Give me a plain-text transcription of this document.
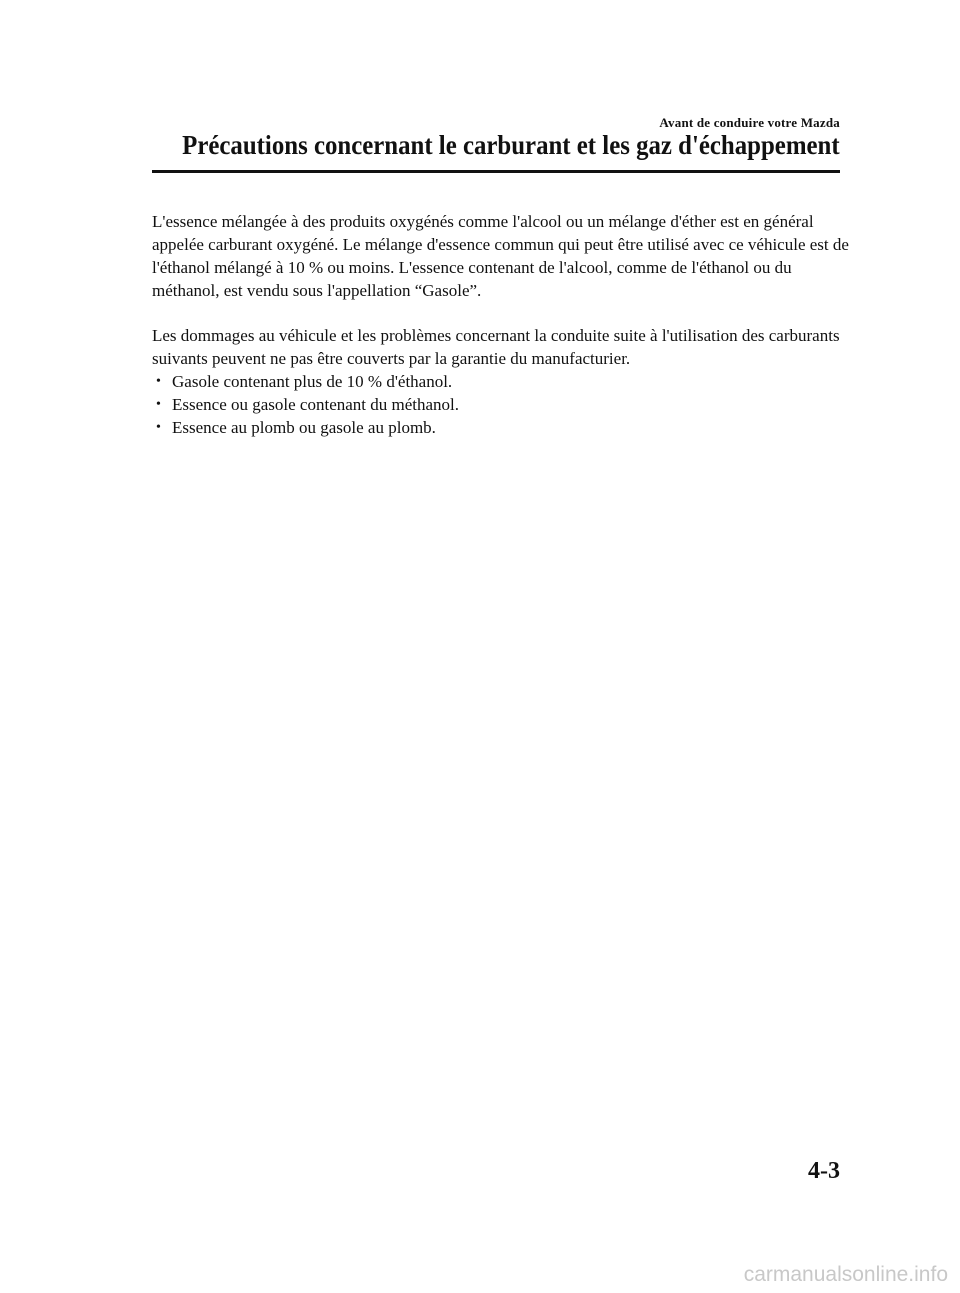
Avant de conduire votre Mazda
Précautions concernant le carburant et les gaz d'échappement

L'essence mélangée à des produits oxygénés comme l'alcool ou un mélange d'éther est en général appelée carburant oxygéné. Le mélange d'essence commun qui peut être utilisé avec ce véhicule est de l'éthanol mélangé à 10 % ou moins. L'essence contenant de l'alcool, comme de l'éthanol ou du méthanol, est vendu sous l'appellation “Gasole”.

Les dommages au véhicule et les problèmes concernant la conduite suite à l'utilisation des carburants suivants peuvent ne pas être couverts par la garantie du manufacturier.

• Gasole contenant plus de 10 % d'éthanol.
• Essence ou gasole contenant du méthanol.
• Essence au plomb ou gasole au plomb.
4-3
carmanualsonline.info
